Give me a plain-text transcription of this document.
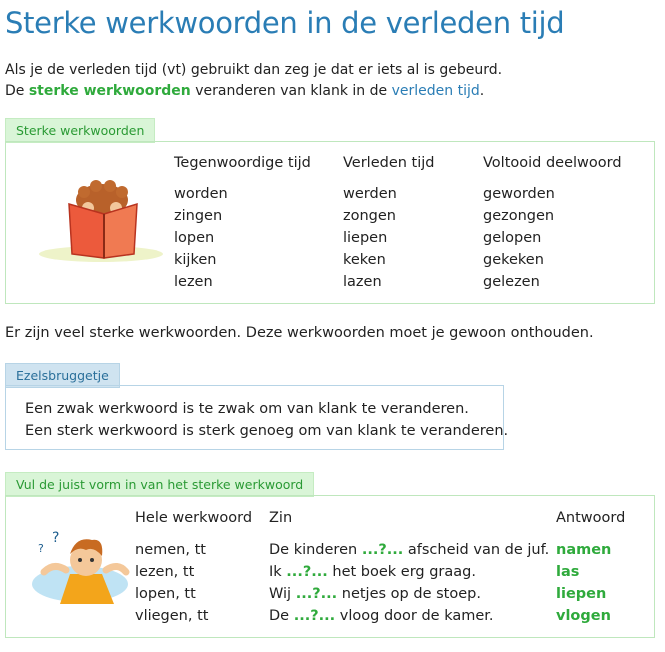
Sterke werkwoorden in de verleden tijd
Als je de verleden tijd (vt) gebruikt dan zeg je dat er iets al is gebeurd.
De sterke werkwoorden veranderen van klank in de verleden tijd.
Sterke werkwoorden
Tegenwoordige tijd Verleden tijd	Voltooid deelwoord
worden
zingen
lopen
kijken
lezen
werden
zongen
liepen
keken
lazen
geworden
gezongen
gelopen
gekeken
gelezen
Er zijn veel sterke werkwoorden. Deze werkwoorden moet je gewoon onthouden.
Ezelsbruggetje
Een zwak werkwoord is te zwak om van klank te veranderen.
Een sterk werkwoord is sterk genoeg om van klank te veranderen.
Vul de juist vorm in van het sterke werkwoord
?
?
Hele werkwoord Zin	Antwoord
nemen, tt
lezen, tt
lopen, tt
vliegen, tt
De kinderen ...?... afscheid van de juf.
Ik ...?... het boek erg graag.
Wij ...?... netjes op de stoep.
De ...?... vloog door de kamer.
namen
las
liepen
vlogen
